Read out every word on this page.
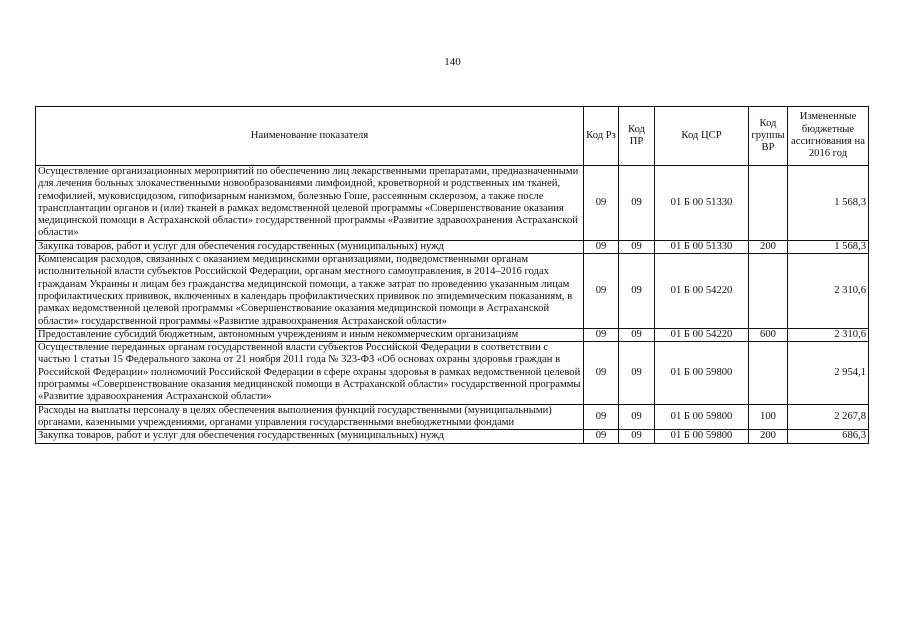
140
Наименование показателя	Код Рз	Код ПР	Код ЦСР	Код группы ВР	Измененные бюджетные ассигнования на 2016 год
Осуществление организационных мероприятий по обеспечению лиц лекарственными препаратами, предназначенными для лечения больных злокачественными новообразованиями лимфоидной, кроветворной и родственных им тканей, гемофилией, муковисцидозом, гипофизарным нанизмом, болезнью Гоше, рассеянным склерозом, а также после трансплантации органов и (или) тканей в рамках ведомственной целевой программы «Совершенствование оказания медицинской помощи в Астраханской области» государственной программы «Развитие здравоохранения Астраханской области»	09	09	01 Б 00 51330		1 568,3
Закупка товаров, работ и услуг для обеспечения государственных (муниципальных) нужд	09	09	01 Б 00 51330	200	1 568,3
Компенсация расходов, связанных с оказанием медицинскими организациями, подведомственными органам исполнительной власти субъектов Российской Федерации, органам местного самоуправления, в 2014–2016 годах гражданам Украины и лицам без гражданства медицинской помощи, а также затрат по проведению указанным лицам профилактических прививок, включенных в календарь профилактических прививок по эпидемическим показаниям, в рамках ведомственной целевой программы «Совершенствование оказания медицинской помощи в Астраханской области» государственной программы «Развитие здравоохранения Астраханской области»	09	09	01 Б 00 54220		2 310,6
Предоставление субсидий бюджетным, автономным учреждениям и иным некоммерческим организациям	09	09	01 Б 00 54220	600	2 310,6
Осуществление переданных органам государственной власти субъектов Российской Федерации в соответствии с частью 1 статьи 15 Федерального закона от 21 ноября 2011 года № 323-ФЗ «Об основах охраны здоровья граждан в Российской Федерации» полномочий Российской Федерации в сфере охраны здоровья в рамках ведомственной целевой программы «Совершенствование оказания медицинской помощи в Астраханской области» государственной программы «Развитие здравоохранения Астраханской области»	09	09	01 Б 00 59800		2 954,1
Расходы на выплаты персоналу в целях обеспечения выполнения функций государственными (муниципальными) органами, казенными учреждениями, органами управления государственными внебюджетными фондами	09	09	01 Б 00 59800	100	2 267,8
Закупка товаров, работ и услуг для обеспечения государственных (муниципальных) нужд	09	09	01 Б 00 59800	200	686,3
